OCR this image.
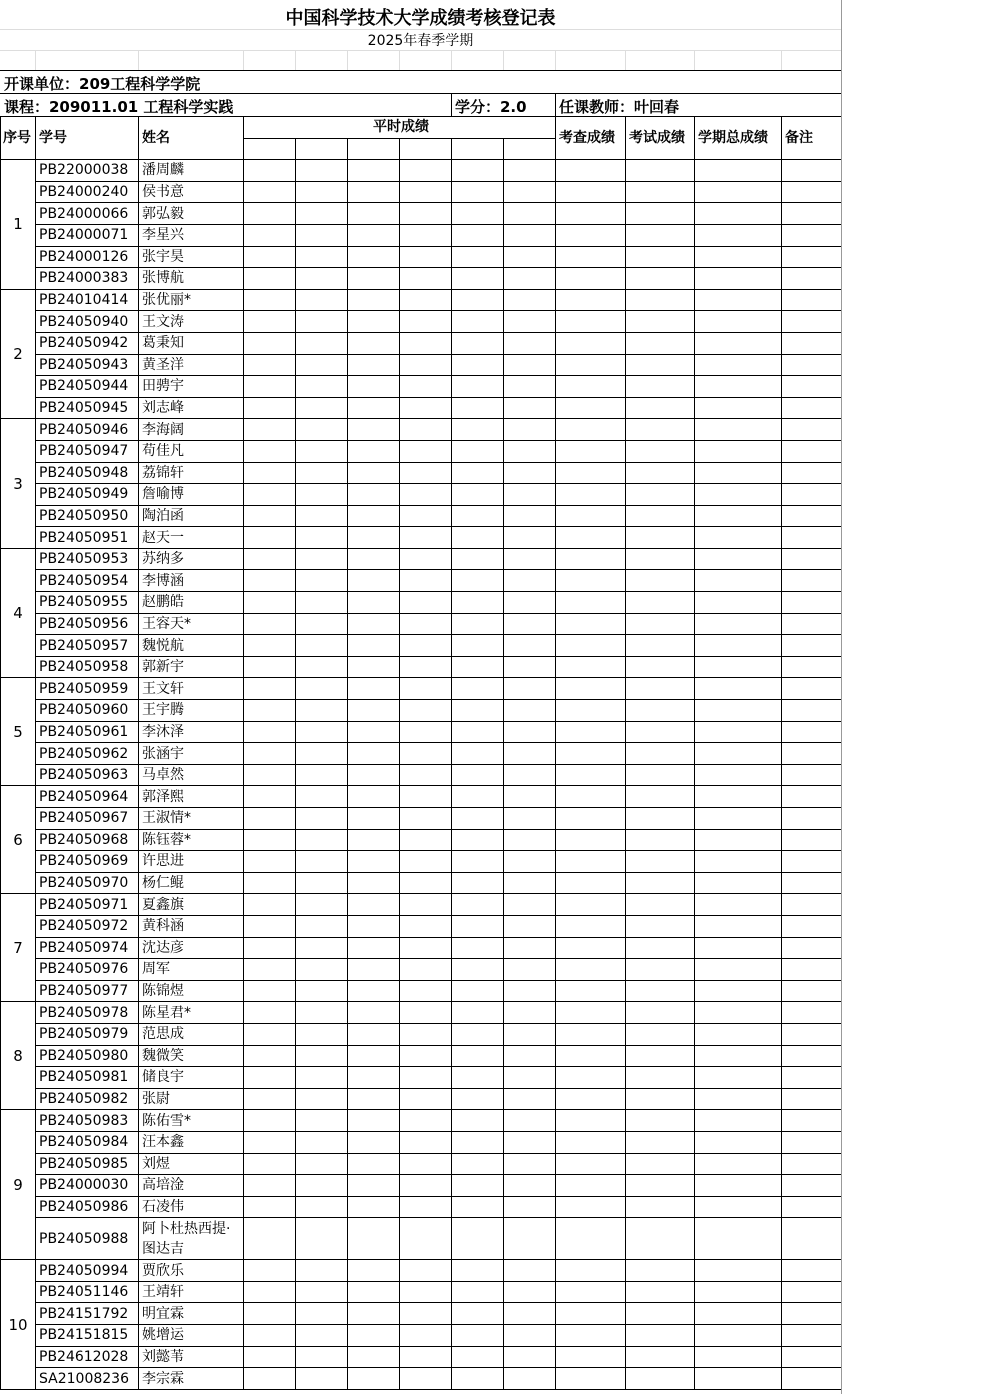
中国科学技术大学成绩考核登记表
2025年春季学期
开课单位：209工程科学学院
课程：209011.01 工程科学实践	学分：2.0 任课教师：叶回春
序号	学号	姓名	平时成绩						考查成绩	考试成绩	学期总成绩	备注

1	PB22000038	潘周麟										
	PB24000240	侯书意										
	PB24000066	郭弘毅										
	PB24000071	李星兴										
	PB24000126	张宇昊										
	PB24000383	张博航										
2	PB24010414	张优丽*										
	PB24050940	王文涛										
	PB24050942	葛秉知										
	PB24050943	黄圣洋										
	PB24050944	田骋宇										
	PB24050945	刘志峰										
3	PB24050946	李海阔										
	PB24050947	苟佳凡										
	PB24050948	荔锦轩										
	PB24050949	詹喻博										
	PB24050950	陶泊函										
	PB24050951	赵天一										
4	PB24050953	苏纳多										
	PB24050954	李博涵										
	PB24050955	赵鹏皓										
	PB24050956	王容天*										
	PB24050957	魏悦航										
	PB24050958	郭新宇										
5	PB24050959	王文轩										
	PB24050960	王宇腾										
	PB24050961	李沐泽										
	PB24050962	张涵宇										
	PB24050963	马卓然										
6	PB24050964	郭泽熙										
	PB24050967	王淑情*										
	PB24050968	陈钰蓉*										
	PB24050969	许思进										
	PB24050970	杨仁鲲										
7	PB24050971	夏鑫旗										
	PB24050972	黄科涵										
	PB24050974	沈达彦										
	PB24050976	周军										
	PB24050977	陈锦煜										
8	PB24050978	陈星君*										
	PB24050979	范思成										
	PB24050980	魏微笑										
	PB24050981	储良宇										
	PB24050982	张尉										
9	PB24050983	陈佑雪*										
	PB24050984	汪本鑫										
	PB24050985	刘煜										
	PB24000030	高培淦										
	PB24050986	石凌伟										
	PB24050988	阿卜杜热西提·图达吉										
10	PB24050994	贾欣乐										
	PB24051146	王靖轩										
	PB24151792	明宜霖										
	PB24151815	姚增运										
	PB24612028	刘懿苇										
	SA21008236	李宗霖										
